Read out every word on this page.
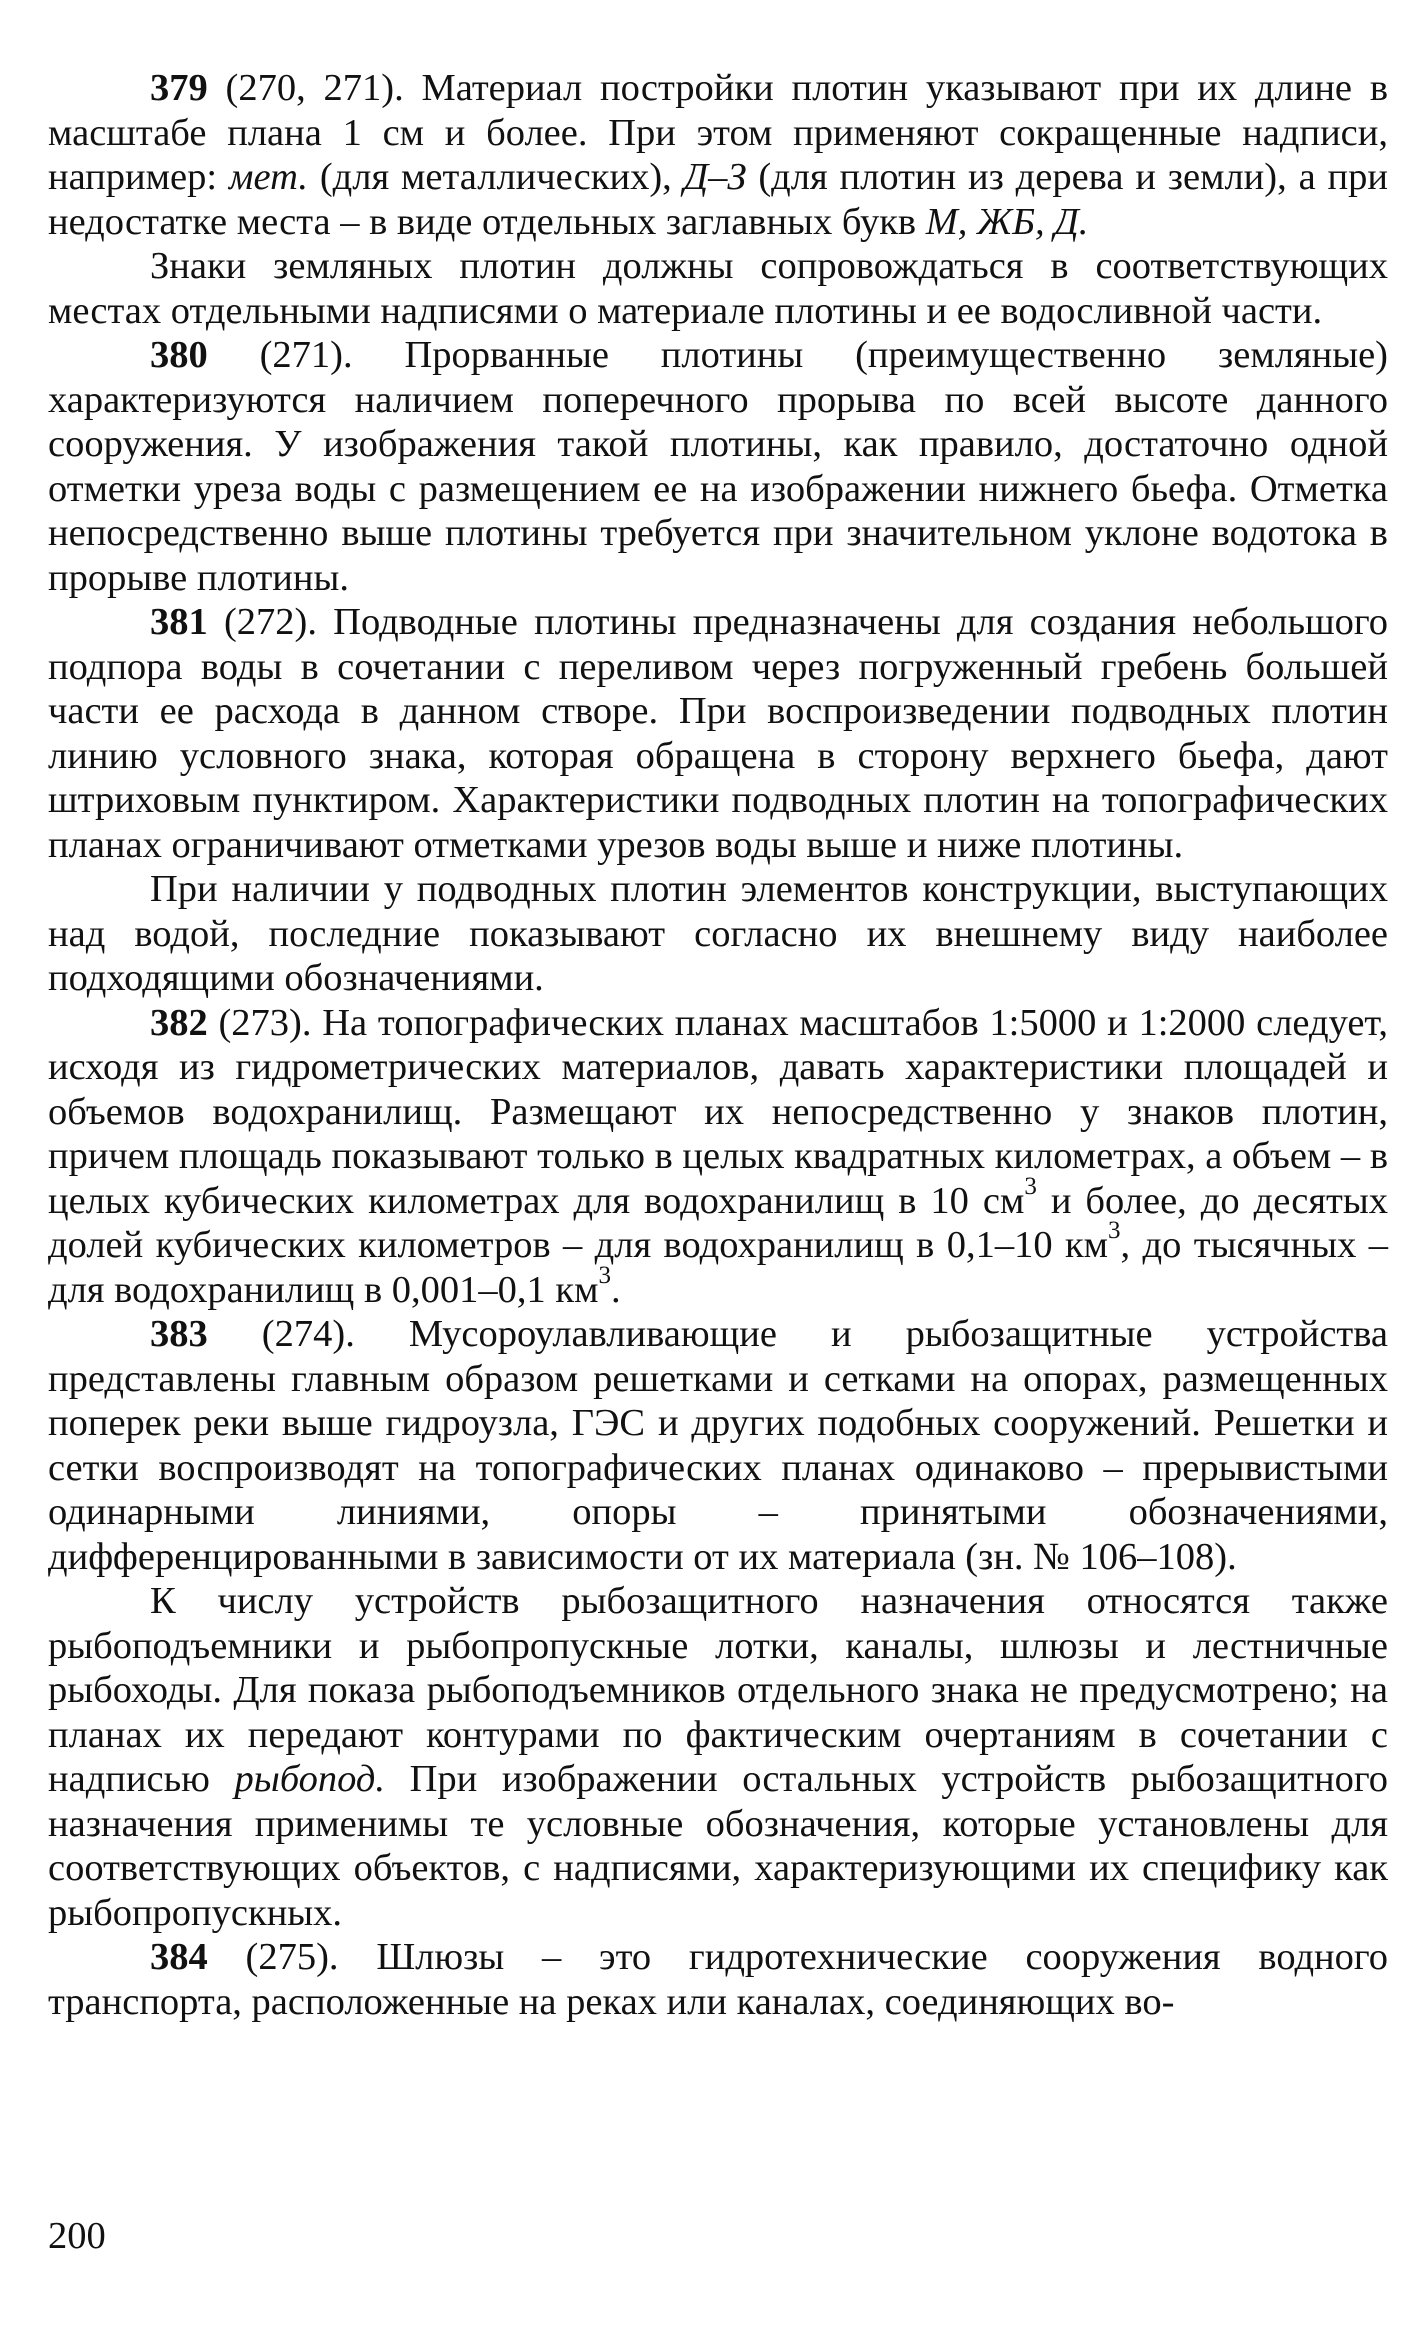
379 (270, 271). Материал постройки плотин указывают при их длине в масштабе плана 1 см и более. При этом применяют сокращенные надписи, например: мет. (для металлических), Д–З (для плотин из дерева и земли), а при недостатке места – в виде отдельных заглавных букв М, ЖБ, Д.

Знаки земляных плотин должны сопровождаться в соответствующих местах отдельными надписями о материале плотины и ее водосливной части.

380 (271). Прорванные плотины (преимущественно земляные) характеризуются наличием поперечного прорыва по всей высоте данного сооружения. У изображения такой плотины, как правило, достаточно одной отметки уреза воды с размещением ее на изображении нижнего бьефа. Отметка непосредственно выше плотины требуется при значительном уклоне водотока в прорыве плотины.

381 (272). Подводные плотины предназначены для создания небольшого подпора воды в сочетании с переливом через погруженный гребень большей части ее расхода в данном створе. При воспроизведении подводных плотин линию условного знака, которая обращена в сторону верхнего бьефа, дают штриховым пунктиром. Характеристики подводных плотин на топографических планах ограничивают отметками урезов воды выше и ниже плотины.

При наличии у подводных плотин элементов конструкции, выступающих над водой, последние показывают согласно их внешнему виду наиболее подходящими обозначениями.

382 (273). На топографических планах масштабов 1:5000 и 1:2000 следует, исходя из гидрометрических материалов, давать характеристики площадей и объемов водохранилищ. Размещают их непосредственно у знаков плотин, причем площадь показывают только в целых квадратных километрах, а объем – в целых кубических километрах для водохранилищ в 10 $см^3$ и более, до десятых долей кубических километров – для водохранилищ в 0,1–10 $км^3$, до тысячных – для водохранилищ в 0,001–0,1 $км^3$.

383 (274). Мусороулавливающие и рыбозащитные устройства представлены главным образом решетками и сетками на опорах, размещенных поперек реки выше гидроузла, ГЭС и других подобных сооружений. Решетки и сетки воспроизводят на топографических планах одинаково – прерывистыми одинарными линиями, опоры – принятыми обозначениями, дифференцированными в зависимости от их материала (зн. № 106–108).

К числу устройств рыбозащитного назначения относятся также рыбоподъемники и рыбопропускные лотки, каналы, шлюзы и лестничные рыбоходы. Для показа рыбоподъемников отдельного знака не предусмотрено; на планах их передают контурами по фактическим очертаниям в сочетании с надписью рыбопод. При изображении остальных устройств рыбозащитного назначения применимы те условные обозначения, которые установлены для соответствующих объектов, с надписями, характеризующими их специфику как рыбопропускных.

384 (275). Шлюзы – это гидротехнические сооружения водного транспорта, расположенные на реках или каналах, соединяющих во-

200
